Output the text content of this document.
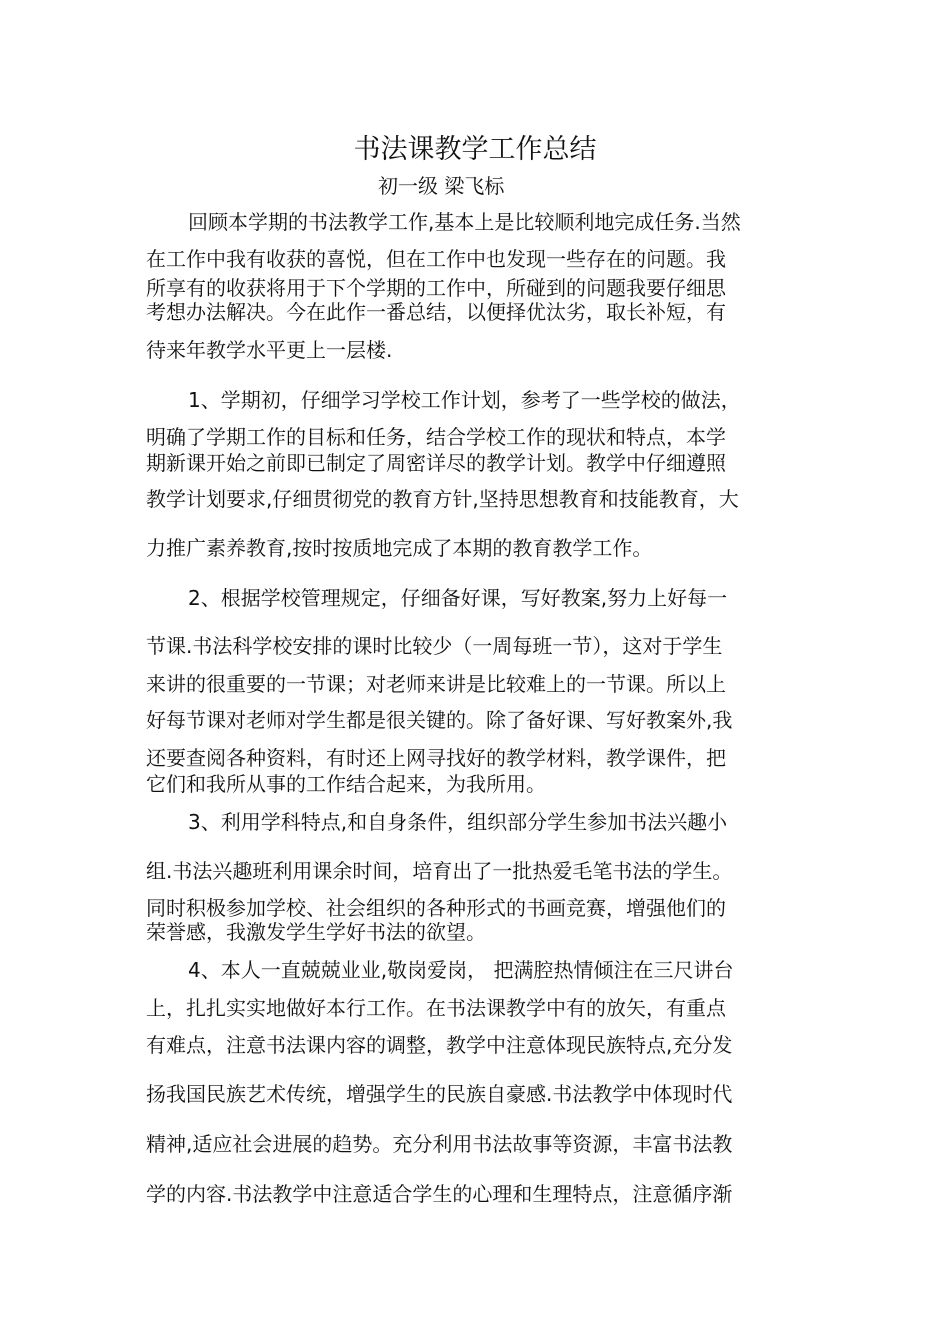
书法课教学工作总结
初一级 梁飞标
回顾本学期的书法教学工作,基本上是比较顺利地完成任务.当然
在工作中我有收获的喜悦，但在工作中也发现一些存在的问题。我
所享有的收获将用于下个学期的工作中，所碰到的问题我要仔细思
考想办法解决。今在此作一番总结，以便择优汰劣，取长补短，有
待来年教学水平更上一层楼.
1、学期初，仔细学习学校工作计划，参考了一些学校的做法，
明确了学期工作的目标和任务，结合学校工作的现状和特点，本学
期新课开始之前即已制定了周密详尽的教学计划。教学中仔细遵照
教学计划要求,仔细贯彻党的教育方针,坚持思想教育和技能教育，大
力推广素养教育,按时按质地完成了本期的教育教学工作。
2、根据学校管理规定，仔细备好课，写好教案,努力上好每一
节课.书法科学校安排的课时比较少（一周每班一节），这对于学生
来讲的很重要的一节课；对老师来讲是比较难上的一节课。所以上
好每节课对老师对学生都是很关键的。除了备好课、写好教案外,我
还要查阅各种资料，有时还上网寻找好的教学材料，教学课件，把
它们和我所从事的工作结合起来，为我所用。
3、利用学科特点,和自身条件，组织部分学生参加书法兴趣小
组.书法兴趣班利用课余时间，培育出了一批热爱毛笔书法的学生。
同时积极参加学校、社会组织的各种形式的书画竞赛，增强他们的
荣誉感，我激发学生学好书法的欲望。
4、本人一直兢兢业业,敬岗爱岗， 把满腔热情倾注在三尺讲台
上，扎扎实实地做好本行工作。在书法课教学中有的放矢，有重点
有难点，注意书法课内容的调整，教学中注意体现民族特点,充分发
扬我国民族艺术传统，增强学生的民族自豪感.书法教学中体现时代
精神,适应社会进展的趋势。充分利用书法故事等资源，丰富书法教
学的内容.书法教学中注意适合学生的心理和生理特点，注意循序渐
